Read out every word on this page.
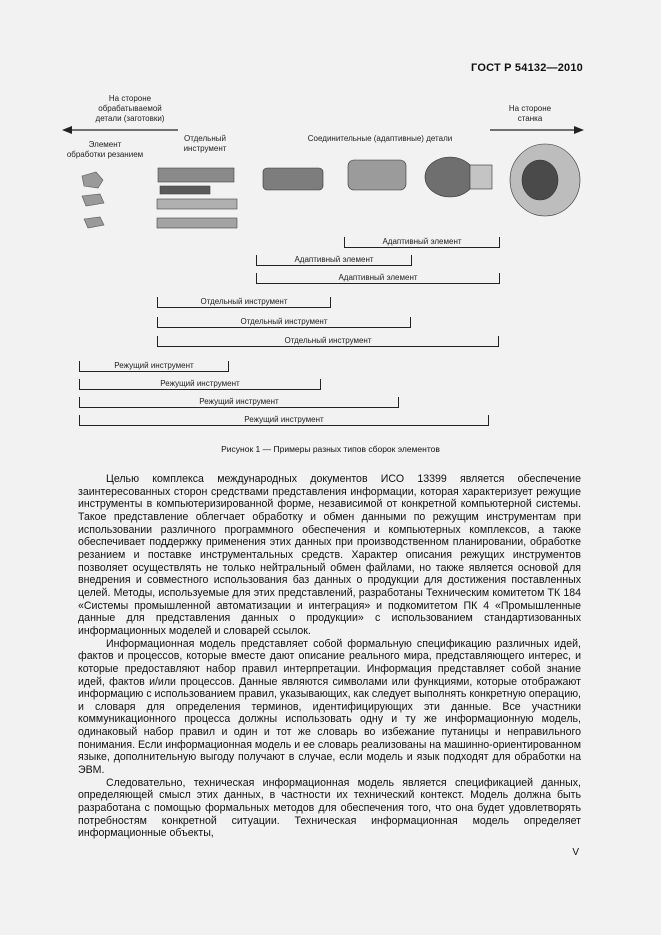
ГОСТ Р 54132—2010
На стороне
обрабатываемой
детали (заготовки)
На стороне
станка
Элемент
обработки резанием
Отдельный
инструмент
Соединительные (адаптивные) детали
Адаптивный элемент
Адаптивный элемент
Адаптивный элемент
Отдельный инструмент
Отдельный инструмент
Отдельный инструмент
Режущий инструмент
Режущий инструмент
Режущий инструмент
Режущий инструмент
Рисунок 1 — Примеры разных типов сборок элементов

Целью комплекса международных документов ИСО 13399 является обеспечение заинтересованных сторон средствами представления информации, которая характеризует режущие инструменты в компьютеризированной форме, независимой от конкретной компьютерной системы. Такое представление облегчает обработку и обмен данными по режущим инструментам при использовании различного программного обеспечения и компьютерных комплексов, а также обеспечивает поддержку применения этих данных при производственном планировании, обработке резанием и поставке инструментальных средств. Характер описания режущих инструментов позволяет осуществлять не только нейтральный обмен файлами, но также является основой для внедрения и совместного использования баз данных о продукции для достижения поставленных целей. Методы, используемые для этих представлений, разработаны Техническим комитетом ТК 184 «Системы промышленной автоматизации и интеграция» и подкомитетом ПК 4 «Промышленные данные для представления данных о продукции» с использованием стандартизованных информационных моделей и словарей ссылок.

Информационная модель представляет собой формальную спецификацию различных идей, фактов и процессов, которые вместе дают описание реального мира, представляющего интерес, и которые предоставляют набор правил интерпретации. Информация представляет собой знание идей, фактов и/или процессов. Данные являются символами или функциями, которые отображают информацию с использованием правил, указывающих, как следует выполнять конкретную операцию, и словаря для определения терминов, идентифицирующих эти данные. Все участники коммуникационного процесса должны использовать одну и ту же информационную модель, одинаковый набор правил и один и тот же словарь во избежание путаницы и неправильного понимания. Если информационная модель и ее словарь реализованы на машинно-ориентированном языке, дополнительную выгоду получают в случае, если модель и язык подходят для обработки на ЭВМ.

Следовательно, техническая информационная модель является спецификацией данных, определяющей смысл этих данных, в частности их технический контекст. Модель должна быть разработана с помощью формальных методов для обеспечения того, что она будет удовлетворять потребностям конкретной ситуации. Техническая информационная модель определяет информационные объекты,

V
